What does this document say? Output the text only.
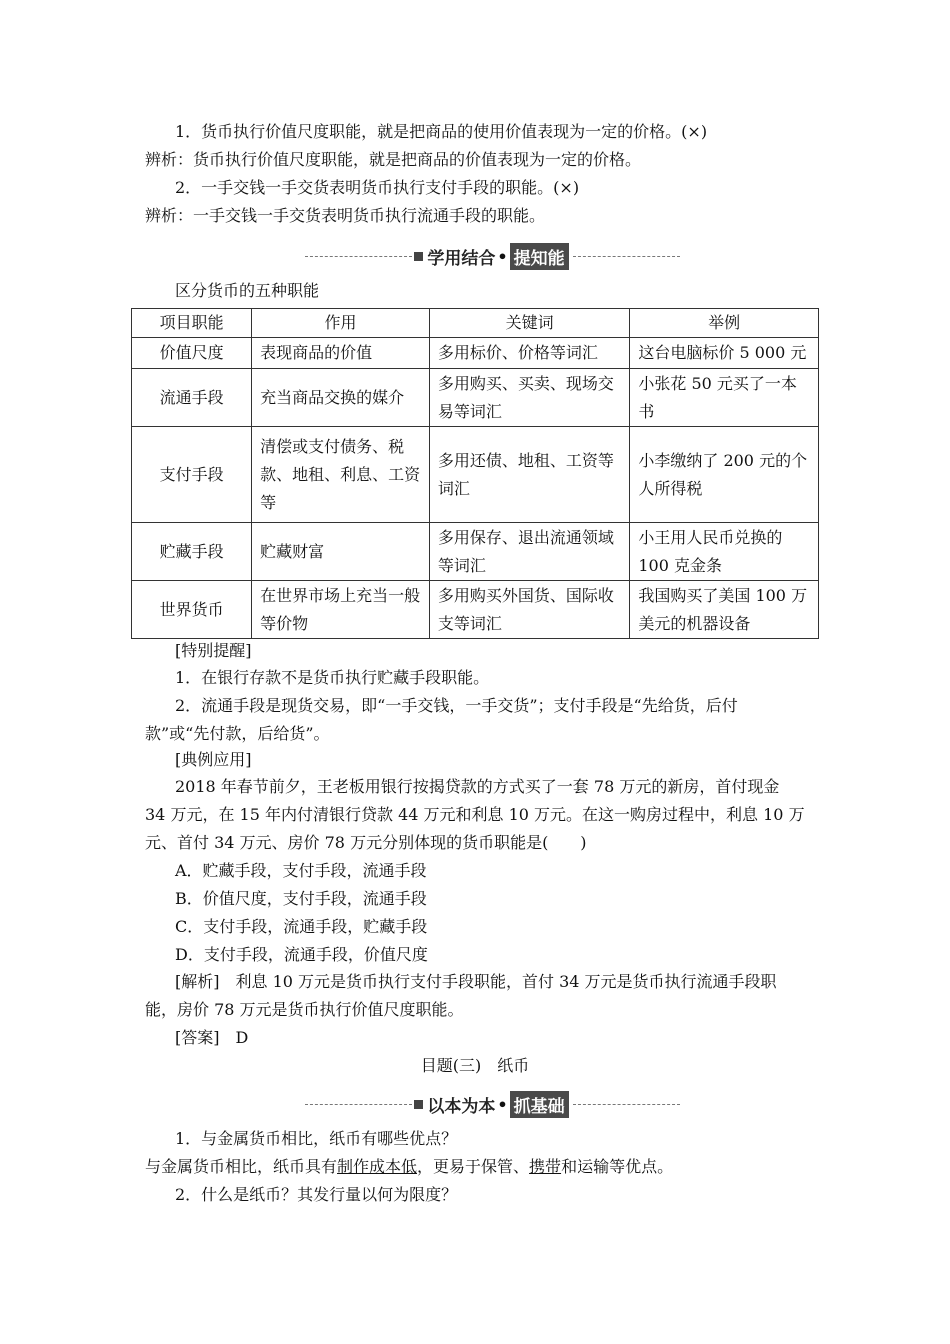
1．货币执行价值尺度职能，就是把商品的使用价值表现为一定的价格。(×)
辨析：货币执行价值尺度职能，就是把商品的价值表现为一定的价格。
2．一手交钱一手交货表明货币执行支付手段的职能。(×)
辨析：一手交钱一手交货表明货币执行流通手段的职能。
学用结合 • 提知能
区分货币的五种职能
项目职能	作用	关键词	举例
价值尺度	表现商品的价值	多用标价、价格等词汇	这台电脑标价 5 000 元
流通手段	充当商品交换的媒介	多用购买、买卖、现场交易等词汇	小张花 50 元买了一本书
支付手段	清偿或支付债务、税款、地租、利息、工资等	多用还债、地租、工资等词汇	小李缴纳了 200 元的个人所得税
贮藏手段	贮藏财富	多用保存、退出流通领域等词汇	小王用人民币兑换的 100 克金条
世界货币	在世界市场上充当一般等价物	多用购买外国货、国际收支等词汇	我国购买了美国 100 万美元的机器设备
[特别提醒]
1．在银行存款不是货币执行贮藏手段职能。
2．流通手段是现货交易，即“一手交钱，一手交货”；支付手段是“先给货，后付
款”或“先付款，后给货”。
[典例应用]
2018 年春节前夕，王老板用银行按揭贷款的方式买了一套 78 万元的新房，首付现金
34 万元，在 15 年内付清银行贷款 44 万元和利息 10 万元。在这一购房过程中，利息 10 万
元、首付 34 万元、房价 78 万元分别体现的货币职能是(　　)
A．贮藏手段，支付手段，流通手段
B．价值尺度，支付手段，流通手段
C．支付手段，流通手段，贮藏手段
D．支付手段，流通手段，价值尺度
[解析]　利息 10 万元是货币执行支付手段职能，首付 34 万元是货币执行流通手段职
能，房价 78 万元是货币执行价值尺度职能。
[答案]　D
目题(三)　纸币
以本为本 • 抓基础
1．与金属货币相比，纸币有哪些优点？
与金属货币相比，纸币具有制作成本低，更易于保管、携带和运输等优点。
2．什么是纸币？其发行量以何为限度？
